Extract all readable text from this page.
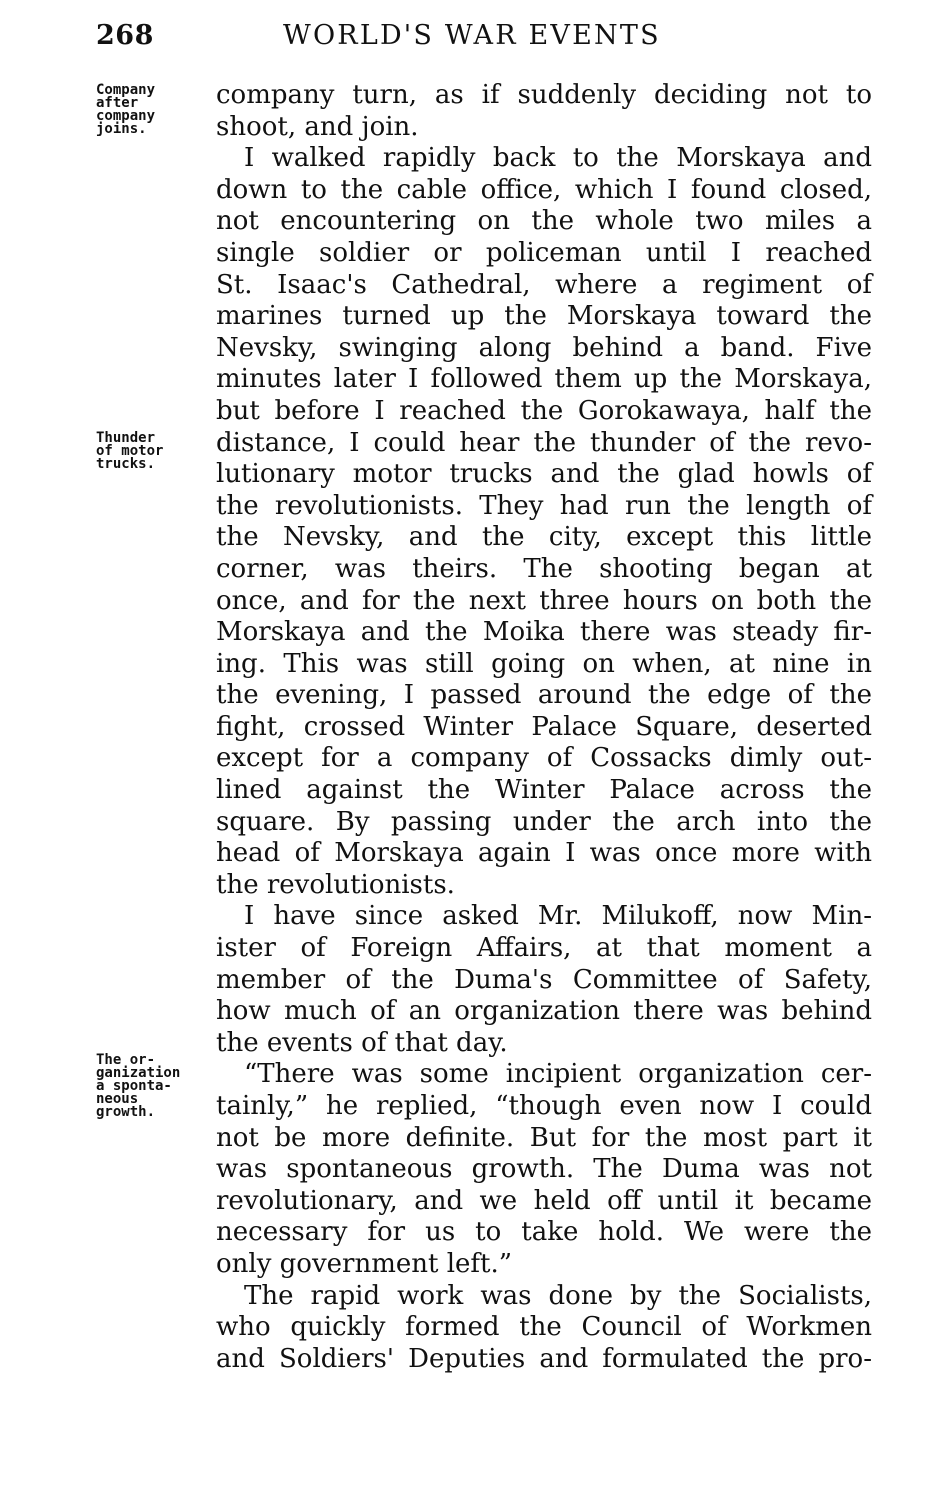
268	WORLD'S WAR EVENTS
Company
after
company
joins.
Thunder
of motor
trucks.
The or-
ganization
a sponta-
neous
growth.
company turn, as if suddenly deciding not to
shoot, and join.
I walked rapidly back to the Morskaya and
down to the cable office, which I found closed,
not encountering on the whole two miles a
single soldier or policeman until I reached
St. Isaac's Cathedral, where a regiment of
marines turned up the Morskaya toward the
Nevsky, swinging along behind a band. Five
minutes later I followed them up the Morskaya,
but before I reached the Gorokawaya, half the
distance, I could hear the thunder of the revo-
lutionary motor trucks and the glad howls of
the revolutionists. They had run the length of
the Nevsky, and the city, except this little
corner, was theirs. The shooting began at
once, and for the next three hours on both the
Morskaya and the Moika there was steady fir-
ing. This was still going on when, at nine in
the evening, I passed around the edge of the
fight, crossed Winter Palace Square, deserted
except for a company of Cossacks dimly out-
lined against the Winter Palace across the
square. By passing under the arch into the
head of Morskaya again I was once more with
the revolutionists.
I have since asked Mr. Milukoff, now Min-
ister of Foreign Affairs, at that moment a
member of the Duma's Committee of Safety,
how much of an organization there was behind
the events of that day.
“There was some incipient organization cer-
tainly,” he replied, “though even now I could
not be more definite. But for the most part it
was spontaneous growth. The Duma was not
revolutionary, and we held off until it became
necessary for us to take hold. We were the
only government left.”
The rapid work was done by the Socialists,
who quickly formed the Council of Workmen
and Soldiers' Deputies and formulated the pro-
